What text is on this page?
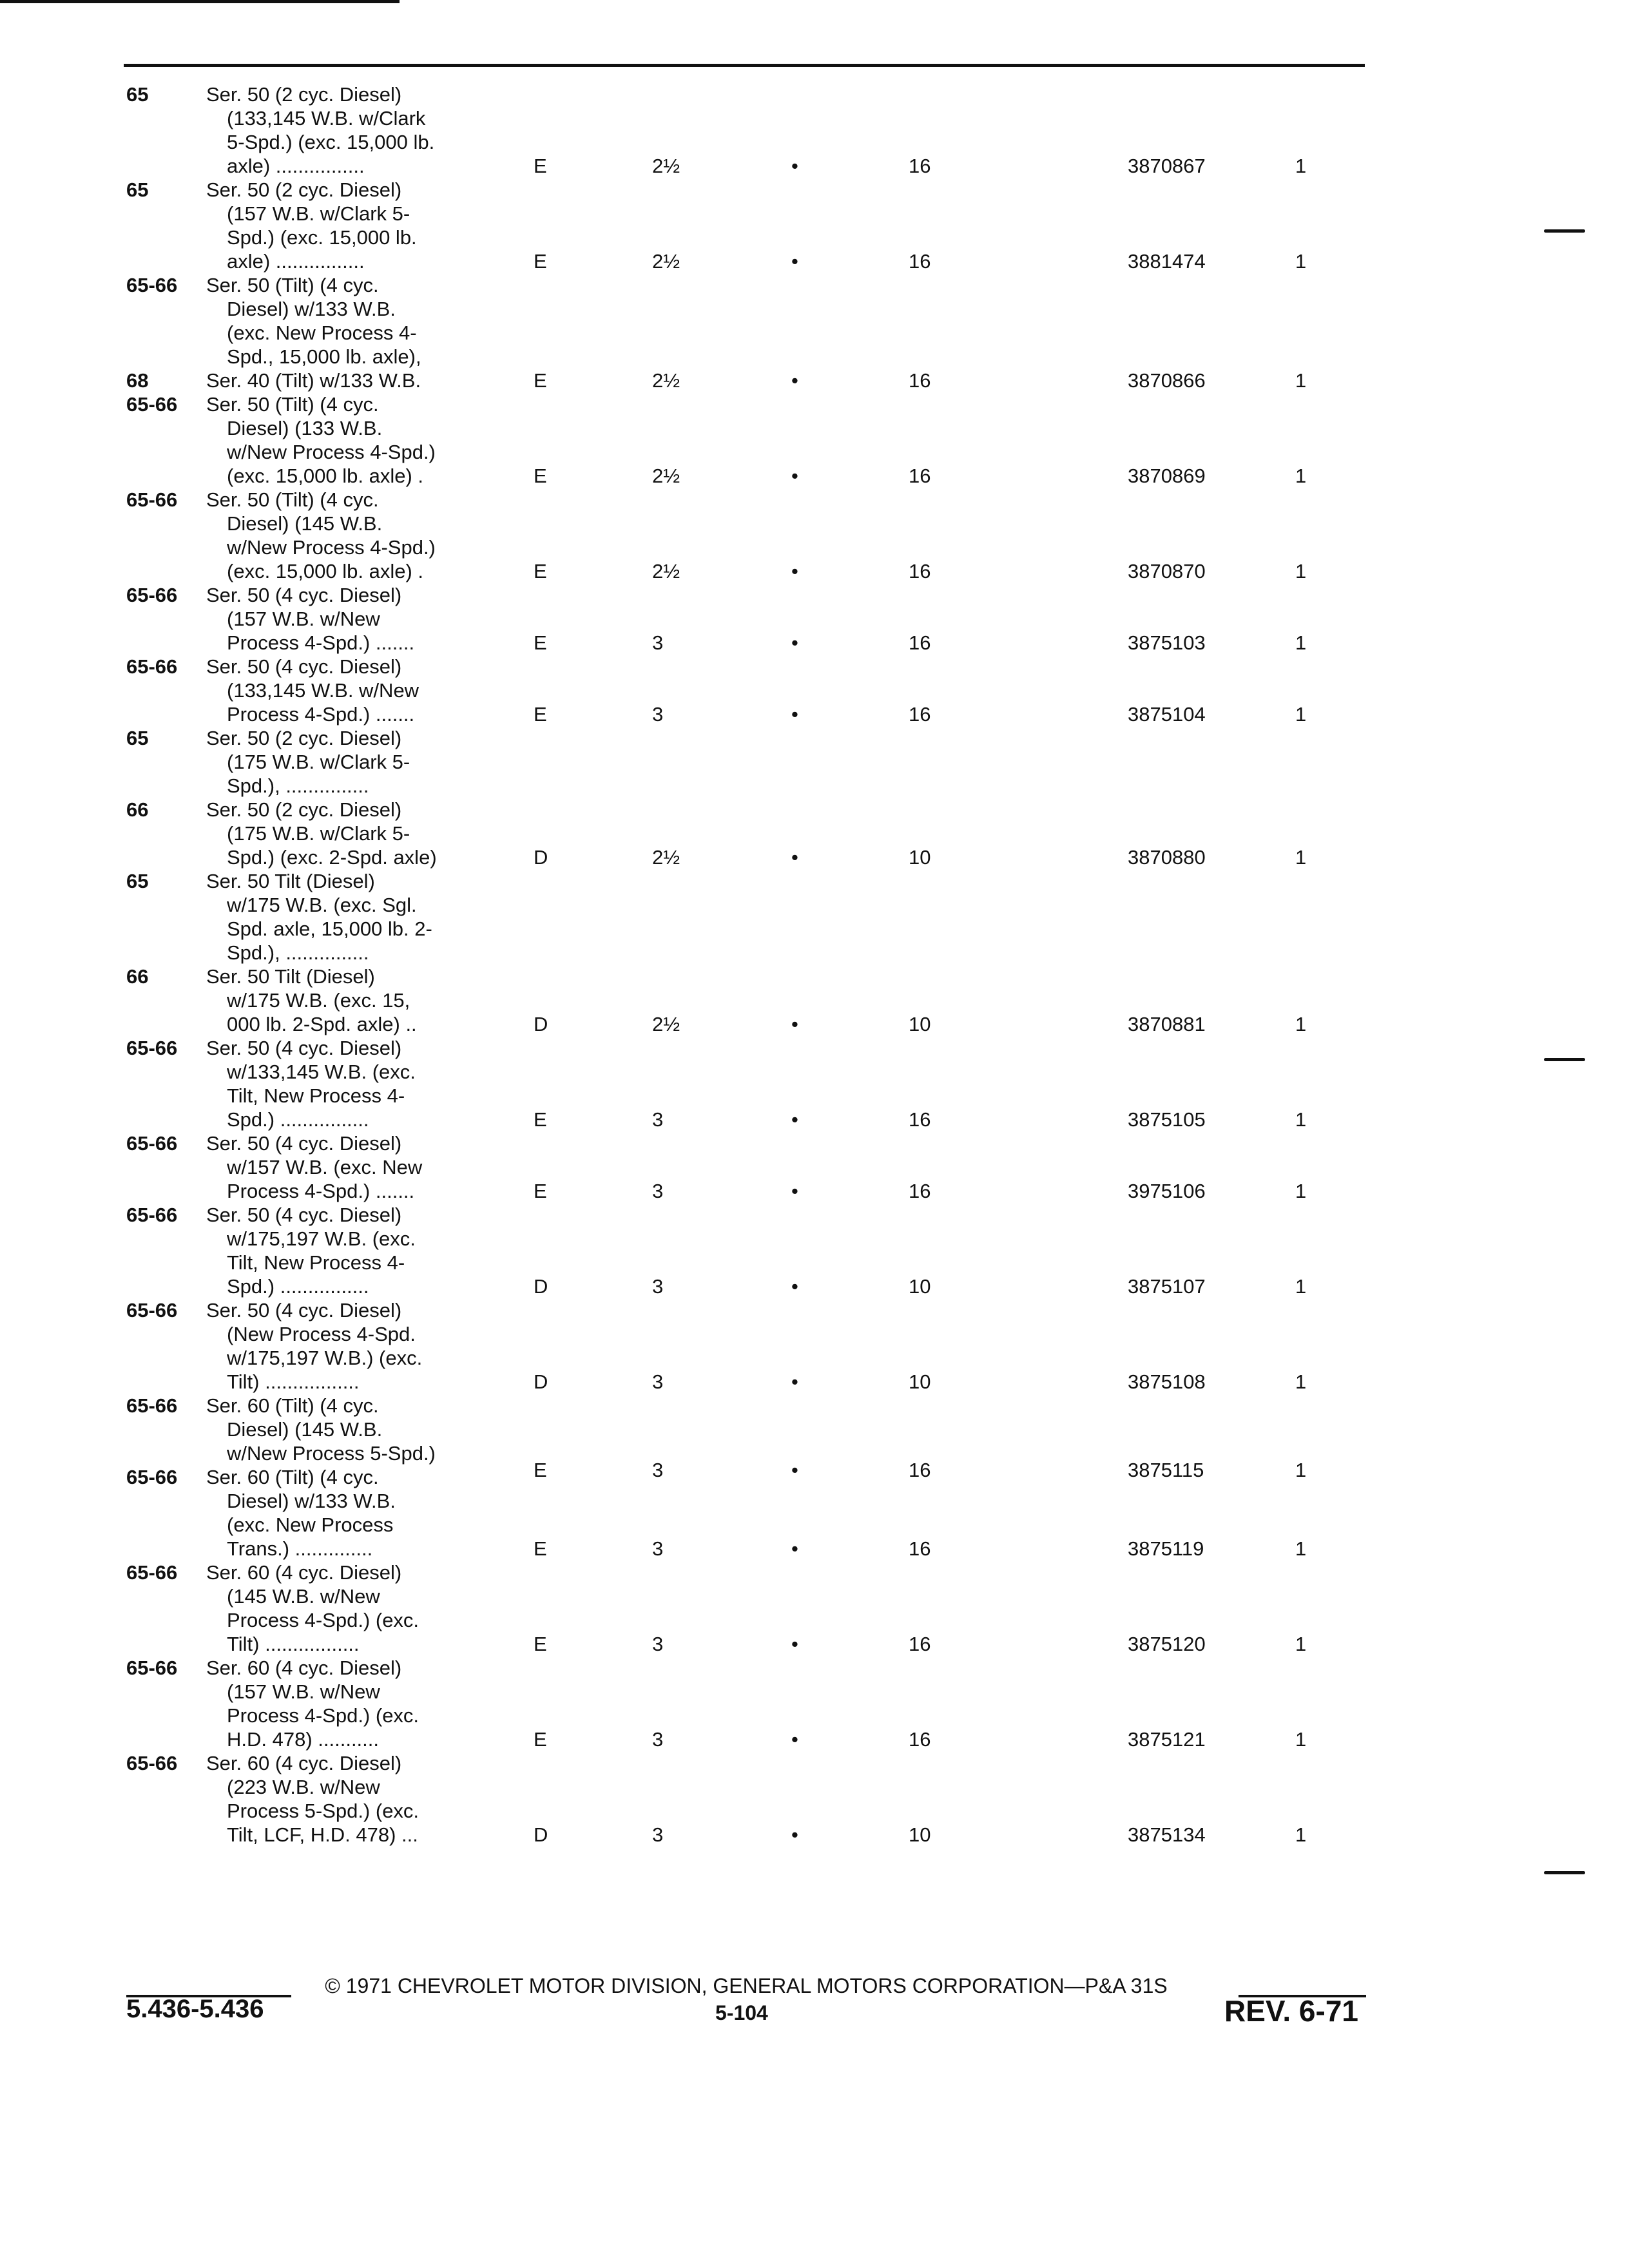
65	Ser. 50 (2 cyc. Diesel)
(133,145 W.B. w/Clark
5-Spd.) (exc. 15,000 lb.
axle) ................	E	2½	•	16	3870867	1
65	Ser. 50 (2 cyc. Diesel)
(157 W.B. w/Clark 5-
Spd.) (exc. 15,000 lb.
axle) ................	E	2½	•	16	3881474	1
65-66 Ser. 50 (Tilt) (4 cyc.
Diesel) w/133 W.B.
(exc. New Process 4-
Spd., 15,000 lb. axle),
68	Ser. 40 (Tilt) w/133 W.B.	E	2½	•	16	3870866	1
65-66 Ser. 50 (Tilt) (4 cyc.
Diesel) (133 W.B.
w/New Process 4-Spd.)
(exc. 15,000 lb. axle) .	E	2½	•	16	3870869	1
65-66 Ser. 50 (Tilt) (4 cyc.
Diesel) (145 W.B.
w/New Process 4-Spd.)
(exc. 15,000 lb. axle) .	E	2½	•	16	3870870	1
65-66 Ser. 50 (4 cyc. Diesel)
(157 W.B. w/New
Process 4-Spd.) .......	E	3	•	16	3875103	1
65-66 Ser. 50 (4 cyc. Diesel)
(133,145 W.B. w/New
Process 4-Spd.) .......	E	3	•	16	3875104	1
65	Ser. 50 (2 cyc. Diesel)
(175 W.B. w/Clark 5-
Spd.), ...............
66	Ser. 50 (2 cyc. Diesel)
(175 W.B. w/Clark 5-
Spd.) (exc. 2-Spd. axle)	D	2½	•	10	3870880	1
65	Ser. 50 Tilt (Diesel)
w/175 W.B. (exc. Sgl.
Spd. axle, 15,000 lb. 2-
Spd.), ...............
66	Ser. 50 Tilt (Diesel)
w/175 W.B. (exc. 15,
000 lb. 2-Spd. axle) ..	D	2½	•	10	3870881	1
65-66 Ser. 50 (4 cyc. Diesel)
w/133,145 W.B. (exc.
Tilt, New Process 4-
Spd.) ................	E	3	•	16	3875105	1
65-66 Ser. 50 (4 cyc. Diesel)
w/157 W.B. (exc. New
Process 4-Spd.) .......	E	3	•	16	3975106	1
65-66 Ser. 50 (4 cyc. Diesel)
w/175,197 W.B. (exc.
Tilt, New Process 4-
Spd.) ................	D	3	•	10	3875107	1
65-66 Ser. 50 (4 cyc. Diesel)
(New Process 4-Spd.
w/175,197 W.B.) (exc.
Tilt) .................	D	3	•	10	3875108	1
65-66 Ser. 60 (Tilt) (4 cyc.
Diesel) (145 W.B.
w/New Process 5-Spd.)
E	3	•	16	3875115	1
65-66 Ser. 60 (Tilt) (4 cyc.
Diesel) w/133 W.B.
(exc. New Process
Trans.) ..............	E	3	•	16	3875119	1
65-66 Ser. 60 (4 cyc. Diesel)
(145 W.B. w/New
Process 4-Spd.) (exc.
Tilt) .................	E	3	•	16	3875120	1
65-66 Ser. 60 (4 cyc. Diesel)
(157 W.B. w/New
Process 4-Spd.) (exc.
H.D. 478) ...........	E	3	•	16	3875121	1
65-66 Ser. 60 (4 cyc. Diesel)
(223 W.B. w/New
Process 5-Spd.) (exc.
Tilt, LCF, H.D. 478) ...	D	3	•	10	3875134	1
© 1971 CHEVROLET MOTOR DIVISION, GENERAL MOTORS CORPORATION—P&A 31S
5.436-5.436	5-104	REV. 6-71
